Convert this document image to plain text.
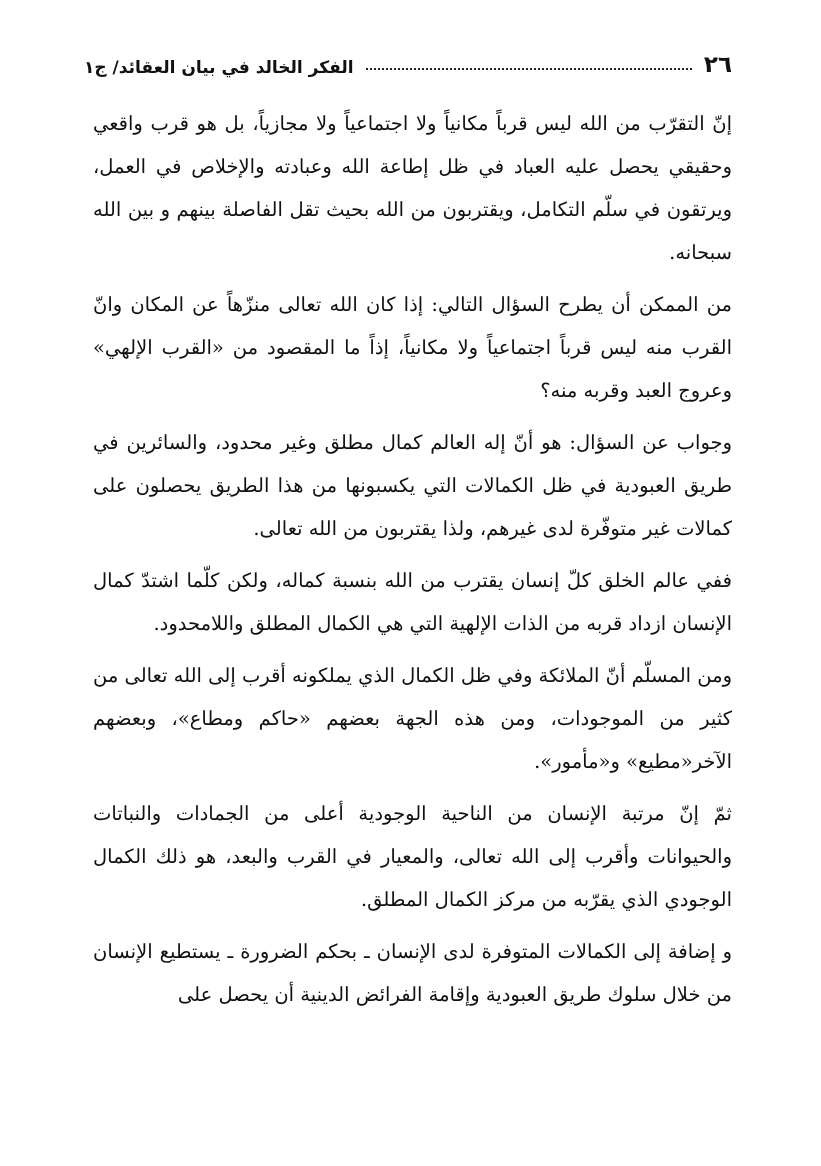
٢٦
الفكر الخالد في بيان العقائد/ ج١

إنّ التقرّب من الله ليس قرباً مكانياً ولا اجتماعياً ولا مجازياً، بل هو قرب واقعي وحقيقي يحصل عليه العباد في ظل إطاعة الله وعبادته والإخلاص في العمل، ويرتقون في سلّم التكامل، ويقتربون من الله بحيث تقل الفاصلة بينهم و بين الله سبحانه.

من الممكن أن يطرح السؤال التالي: إذا كان الله تعالى منزّهاً عن المكان وانّ القرب منه ليس قرباً اجتماعياً ولا مكانياً، إذاً ما المقصود من «القرب الإلهي» وعروج العبد وقربه منه؟

وجواب عن السؤال: هو أنّ إله العالم كمال مطلق وغير محدود، والسائرين في طريق العبودية في ظل الكمالات التي يكسبونها من هذا الطريق يحصلون على كمالات غير متوفّرة لدى غيرهم، ولذا يقتربون من الله تعالى.

ففي عالم الخلق كلّ إنسان يقترب من الله بنسبة كماله، ولكن كلّما اشتدّ كمال الإنسان ازداد قربه من الذات الإلهية التي هي الكمال المطلق واللامحدود.

ومن المسلّم أنّ الملائكة وفي ظل الكمال الذي يملكونه أقرب إلى الله تعالى من كثير من الموجودات، ومن هذه الجهة بعضهم «حاكم ومطاع»، وبعضهم الآخر«مطيع» و«مأمور».

ثمّ إنّ مرتبة الإنسان من الناحية الوجودية أعلى من الجمادات والنباتات والحيوانات وأقرب إلى الله تعالى، والمعيار في القرب والبعد، هو ذلك الكمال الوجودي الذي يقرّبه من مركز الكمال المطلق.

و إضافة إلى الكمالات المتوفرة لدى الإنسان ـ بحكم الضرورة ـ يستطيع الإنسان من خلال سلوك طريق العبودية وإقامة الفرائض الدينية أن يحصل على
